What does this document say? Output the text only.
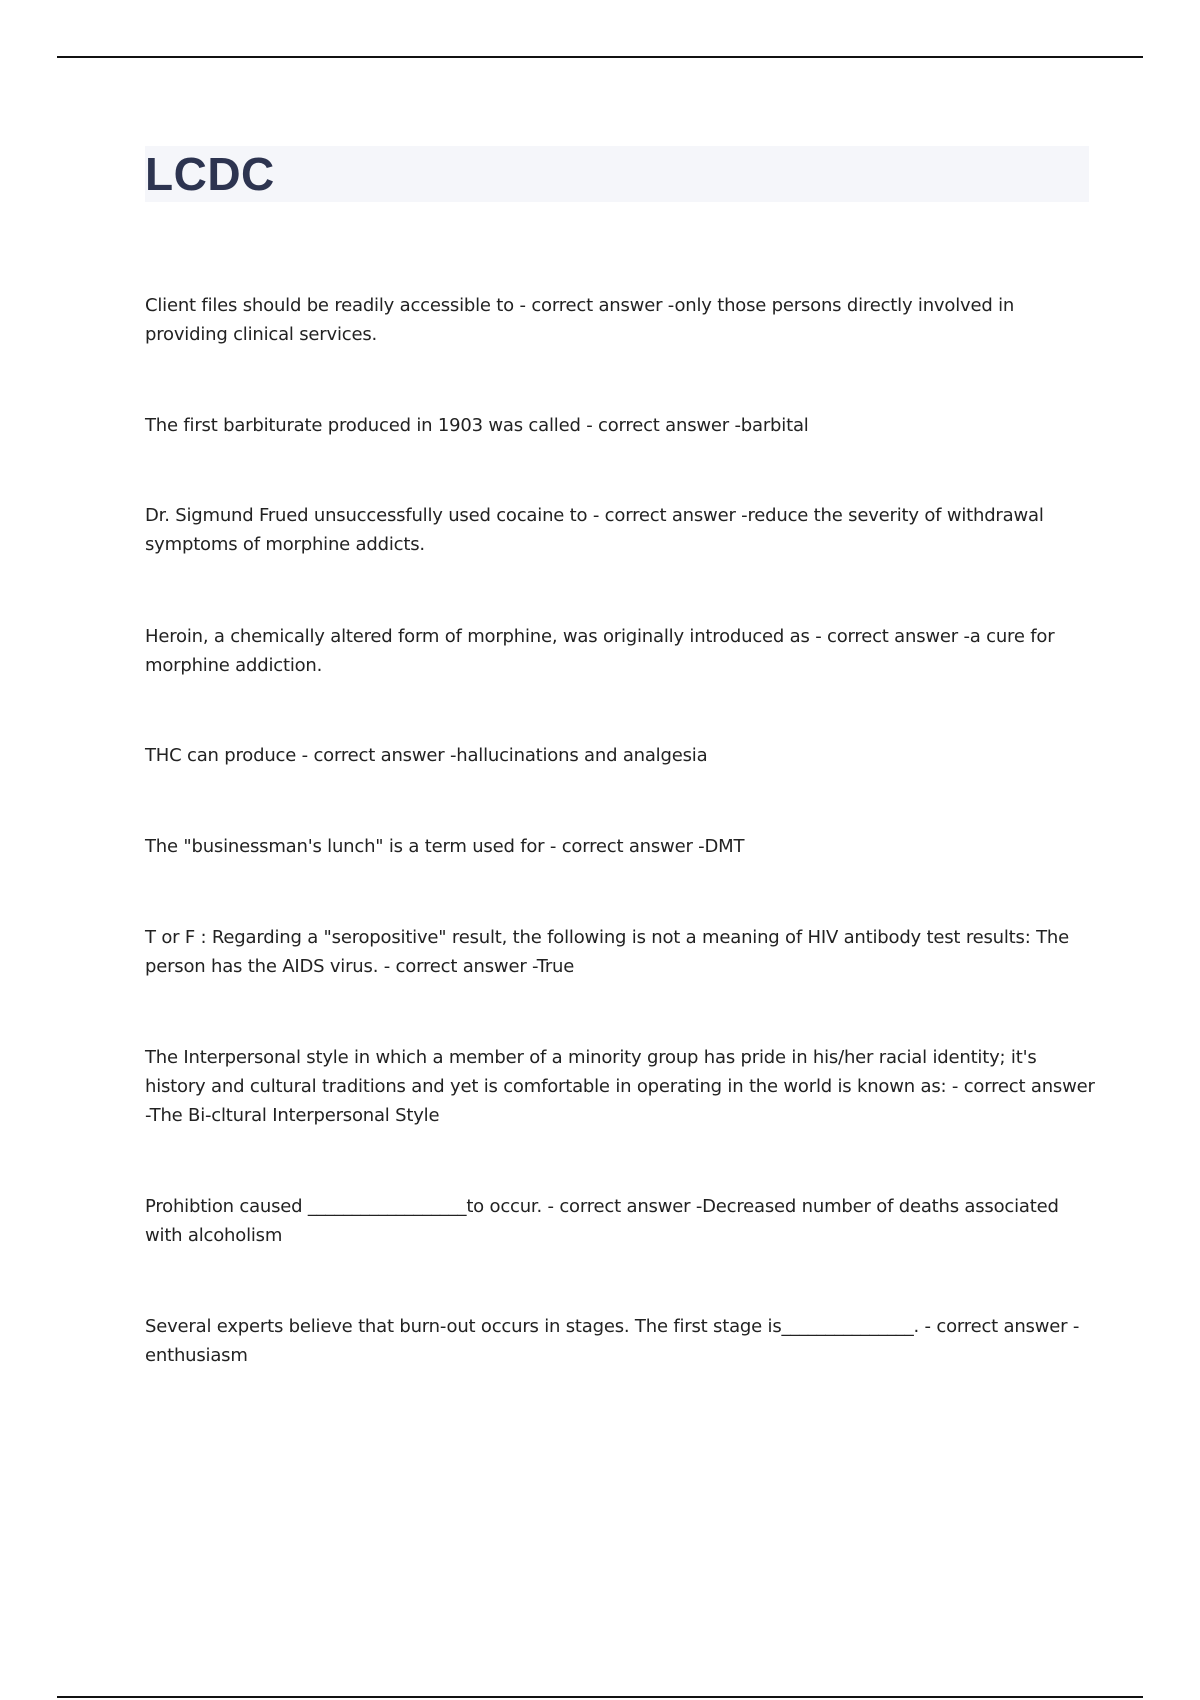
LCDC

Client files should be readily accessible to - correct answer -only those persons directly involved in providing clinical services.

The first barbiturate produced in 1903 was called - correct answer -barbital

Dr. Sigmund Frued unsuccessfully used cocaine to - correct answer -reduce the severity of withdrawal symptoms of morphine addicts.

Heroin, a chemically altered form of morphine, was originally introduced as - correct answer -a cure for morphine addiction.

THC can produce - correct answer -hallucinations and analgesia

The "businessman's lunch" is a term used for - correct answer -DMT

T or F : Regarding a "seropositive" result, the following is not a meaning of HIV antibody test results: The person has the AIDS virus. - correct answer -True

The Interpersonal style in which a member of a minority group has pride in his/her racial identity; it's history and cultural traditions and yet is comfortable in operating in the world is known as: - correct answer -The Bi-cltural Interpersonal Style

Prohibtion caused __________________to occur. - correct answer -Decreased number of deaths associated with alcoholism

Several experts believe that burn-out occurs in stages. The first stage is_______________. - correct answer -enthusiasm
